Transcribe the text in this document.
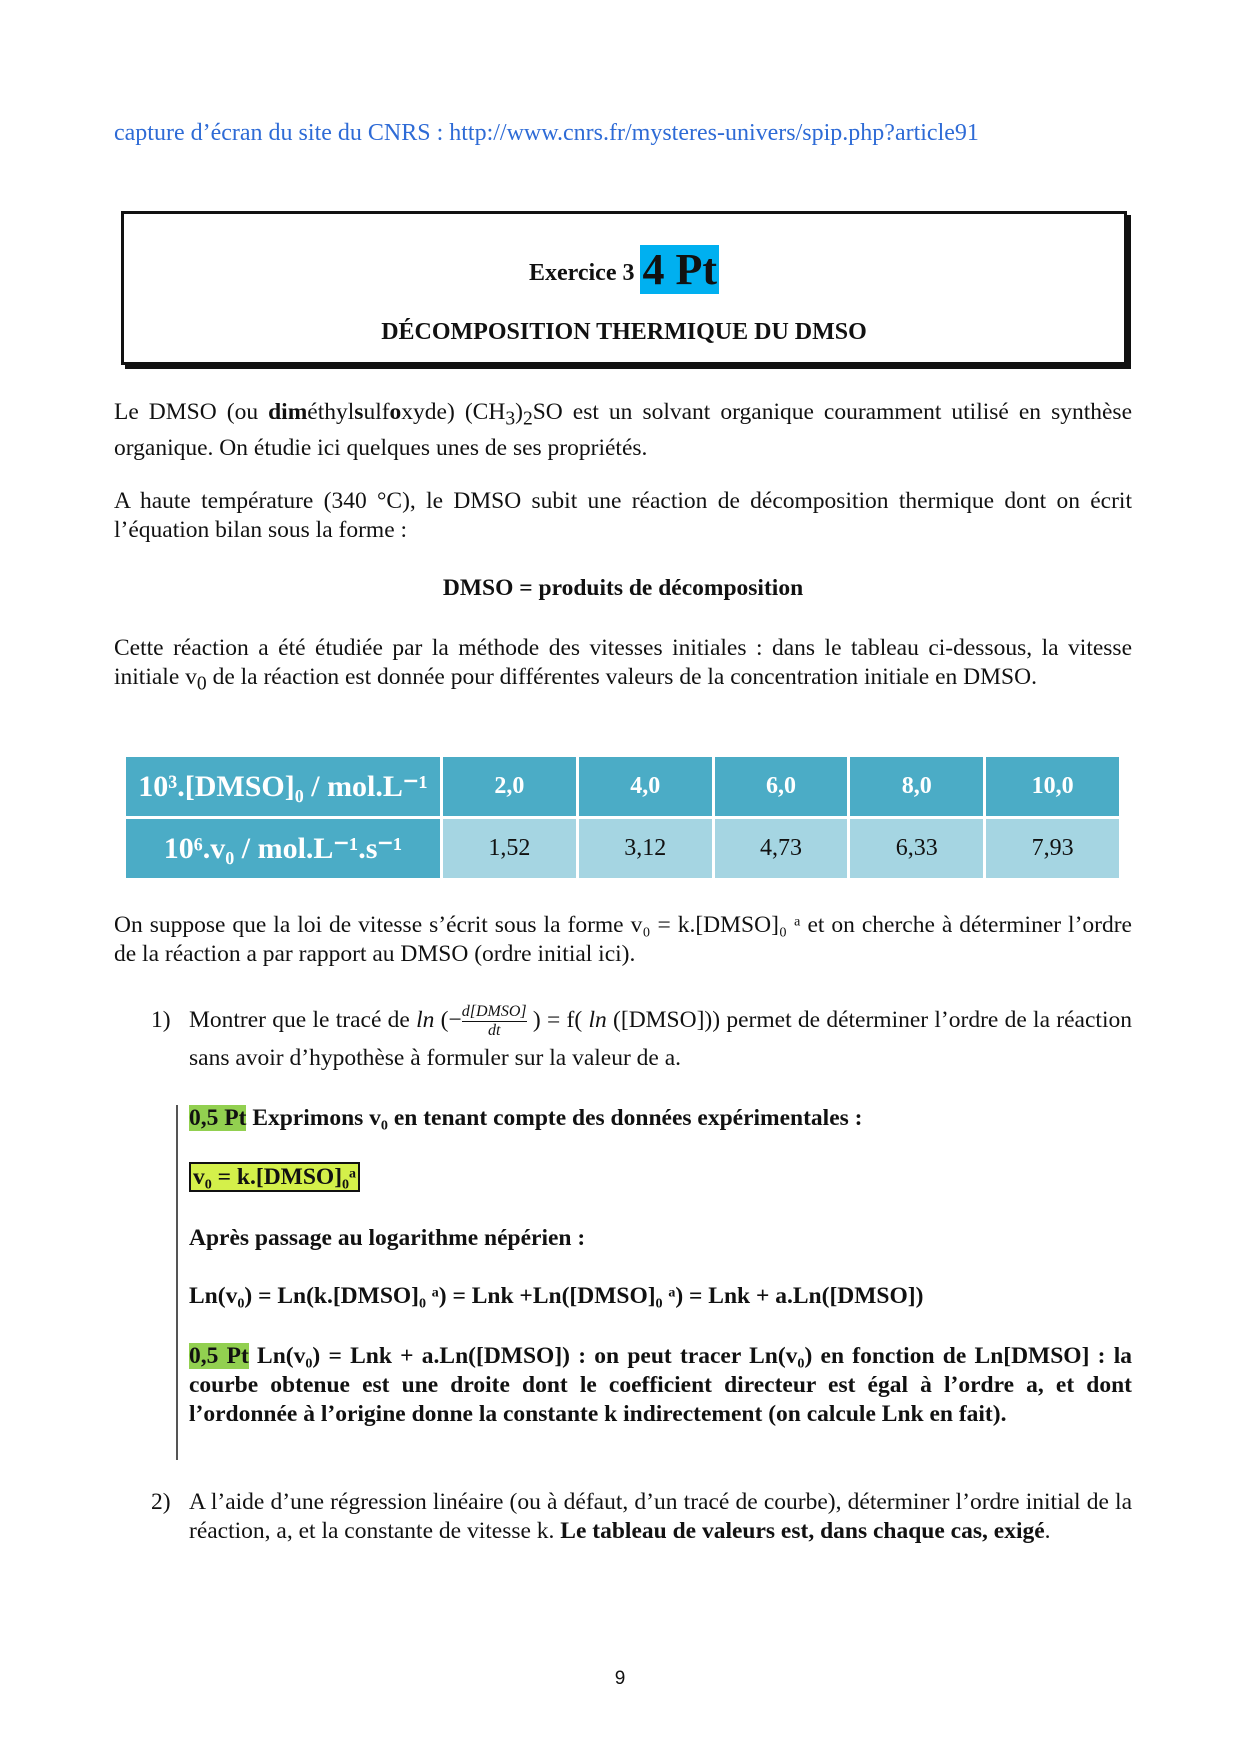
capture d’écran du site du CNRS : http://www.cnrs.fr/mysteres-univers/spip.php?article91
Exercice 3 4 Pt
DÉCOMPOSITION THERMIQUE DU DMSO
Le DMSO (ou diméthylsulfoxyde) $(CH_3)_2SO$ est un solvant organique couramment utilisé en synthèse organique. On étudie ici quelques unes de ses propriétés.
A haute température (340 °C), le DMSO subit une réaction de décomposition thermique dont on écrit l’équation bilan sous la forme :
DMSO = produits de décomposition
Cette réaction a été étudiée par la méthode des vitesses initiales : dans le tableau ci-dessous, la vitesse initiale $v_0$ de la réaction est donnée pour différentes valeurs de la concentration initiale en DMSO.
10³.[DMSO]₀ / mol.L⁻¹	2,0	4,0	6,0	8,0	10,0
10⁶.v₀ / mol.L⁻¹.s⁻¹	1,52	3,12	4,73	6,33	7,93
On suppose que la loi de vitesse s’écrit sous la forme v₀ = k.[DMSO]₀ ᵃ et on cherche à déterminer l’ordre de la réaction a par rapport au DMSO (ordre initial ici).
1) Montrer que le tracé de ln (− $\frac{\text{d[DMSO]}}{dt}$ ) = f( ln ([DMSO])) permet de déterminer l’ordre de la réaction sans avoir d’hypothèse à formuler sur la valeur de a.
0,5 Pt Exprimons v₀ en tenant compte des données expérimentales :
v₀ = k.[DMSO]₀ᵃ
Après passage au logarithme népérien :
Ln(v₀) = Ln(k.[DMSO]₀ ᵃ) = Lnk +Ln([DMSO]₀ ᵃ) = Lnk + a.Ln([DMSO])
0,5 Pt Ln(v₀) = Lnk + a.Ln([DMSO]) : on peut tracer Ln(v₀) en fonction de Ln[DMSO] : la courbe obtenue est une droite dont le coefficient directeur est égal à l’ordre a, et dont l’ordonnée à l’origine donne la constante k indirectement (on calcule Lnk en fait).
2) A l’aide d’une régression linéaire (ou à défaut, d’un tracé de courbe), déterminer l’ordre initial de la réaction, a, et la constante de vitesse k. Le tableau de valeurs est, dans chaque cas, exigé.
9
